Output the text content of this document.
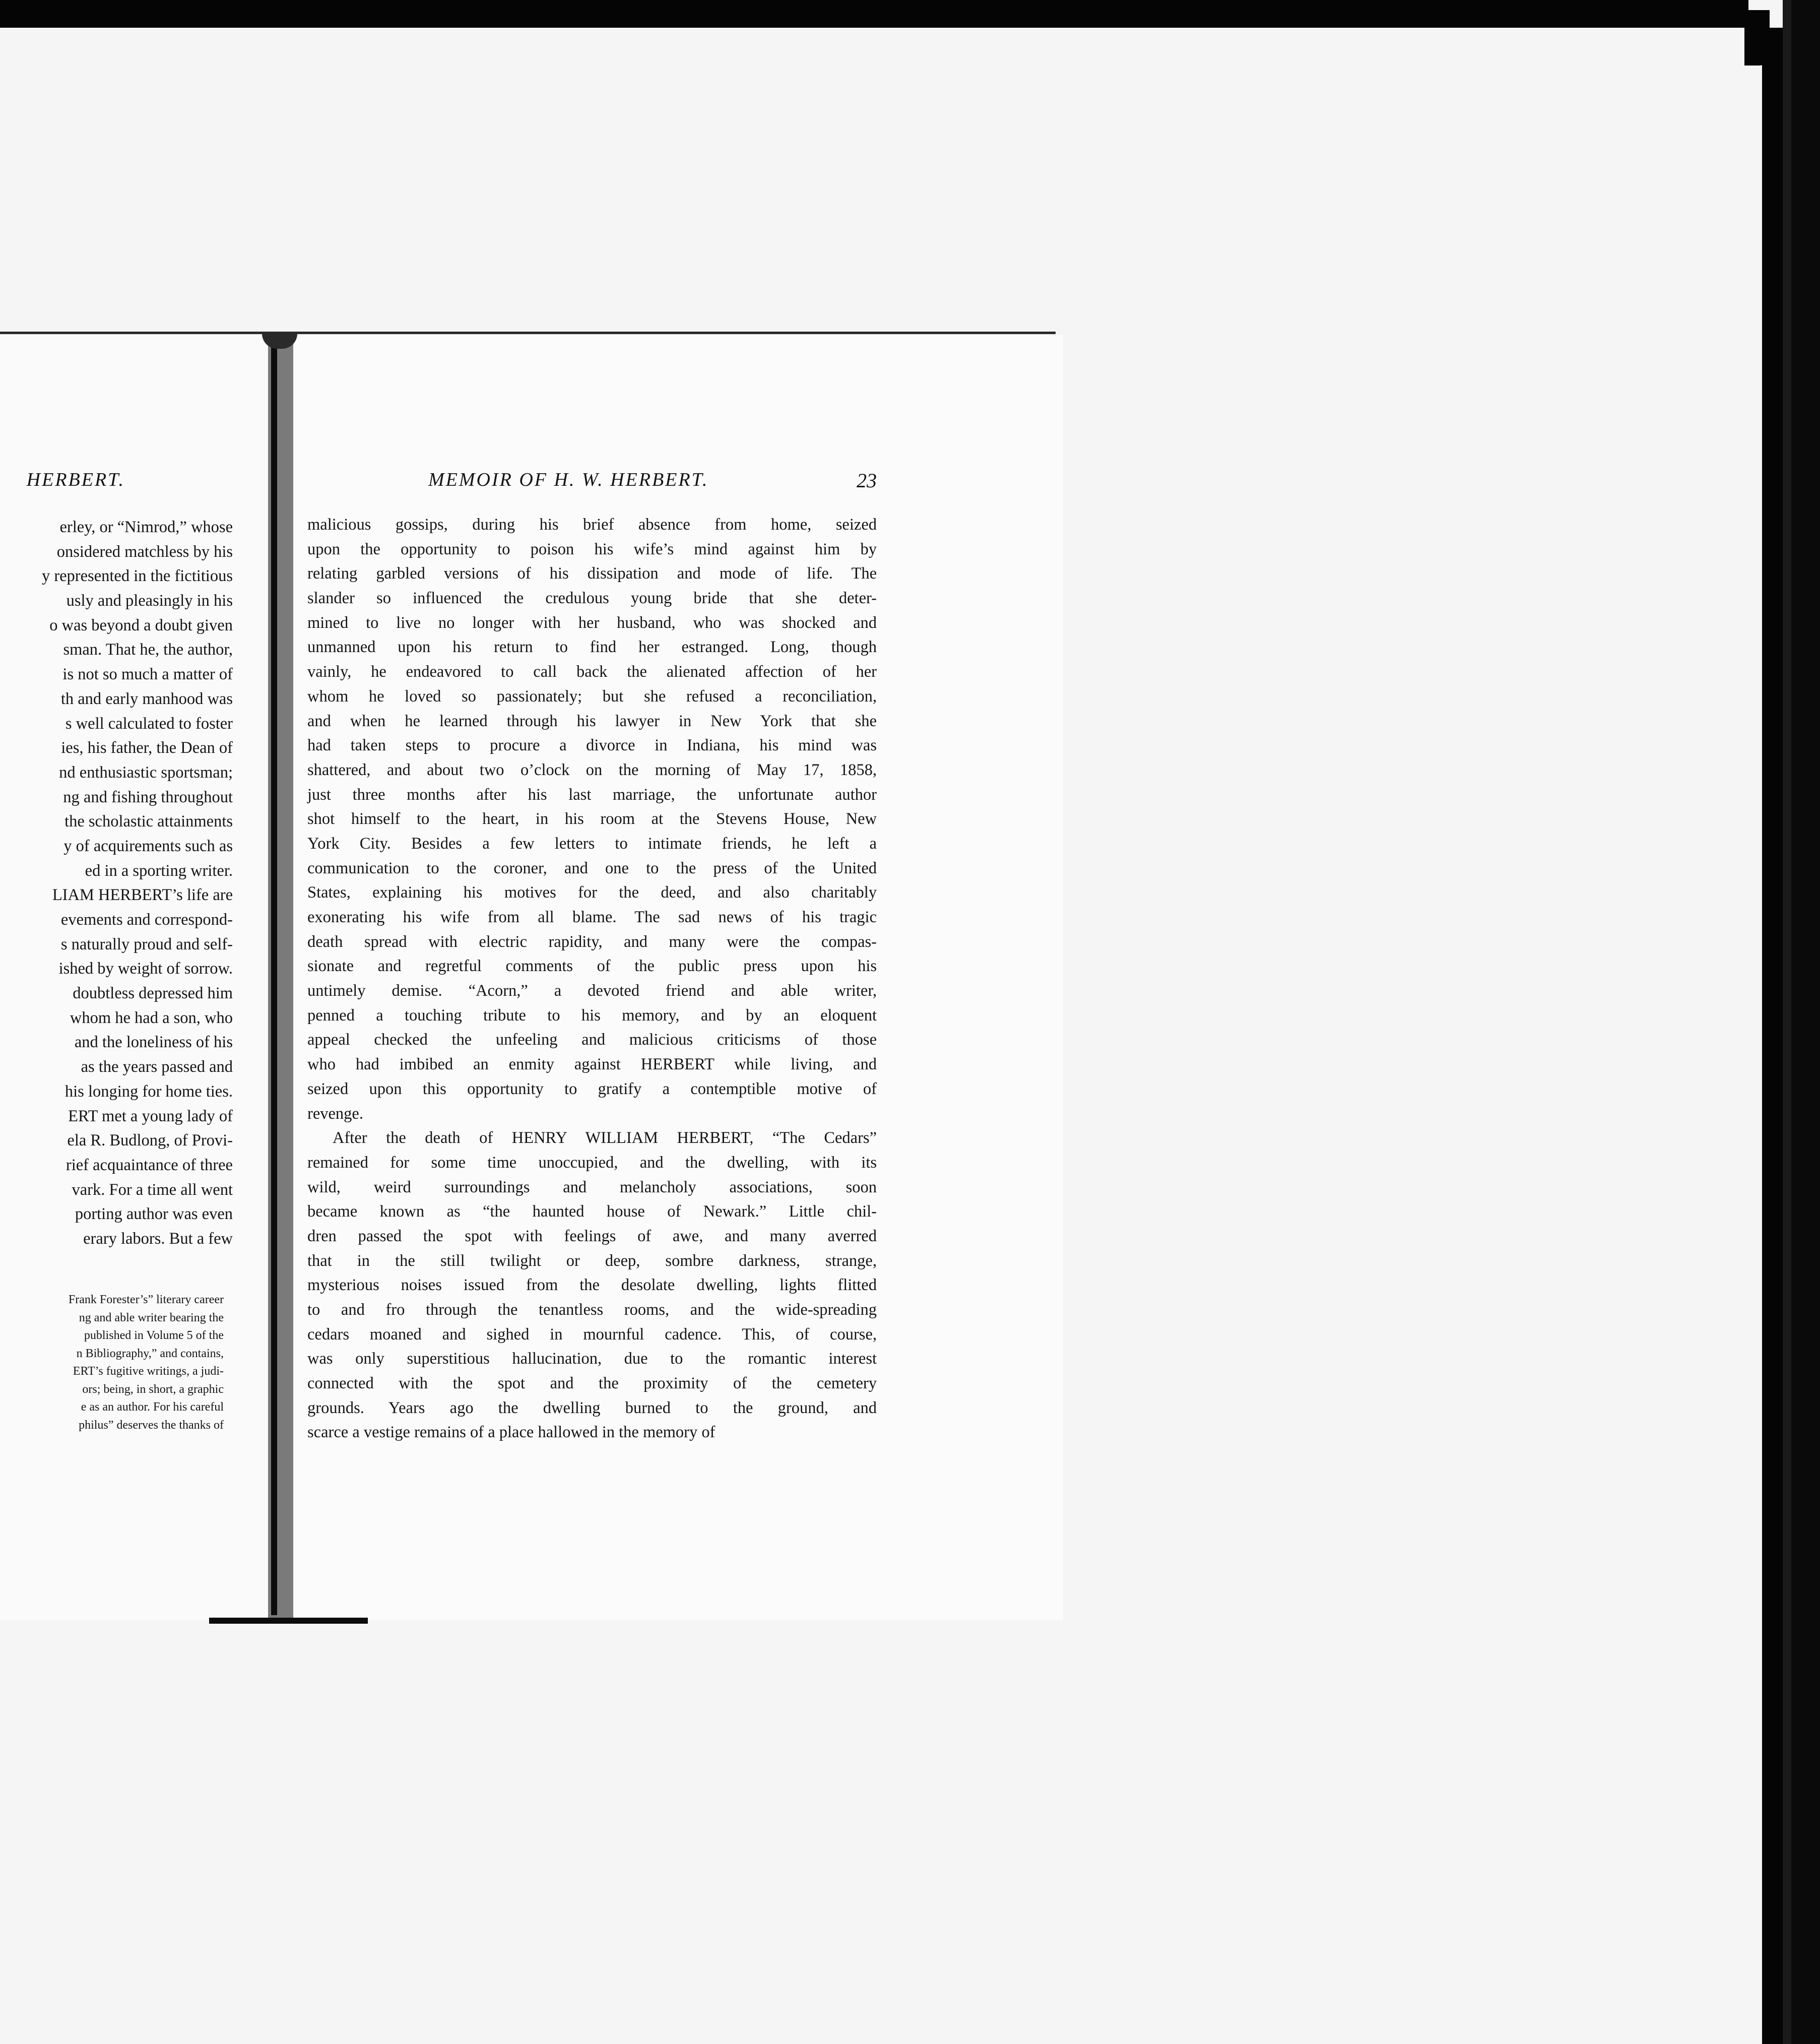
HERBERT.
erley, or “Nimrod,” whose
onsidered matchless by his
y represented in the fictitious
usly and pleasingly in his
o was beyond a doubt given
sman. That he, the author,
is not so much a matter of
th and early manhood was
s well calculated to foster
ies, his father, the Dean of
nd enthusiastic sportsman;
ng and fishing throughout
the scholastic attainments
y of acquirements such as
ed in a sporting writer.
LIAM HERBERT’s life are
evements and correspond-
s naturally proud and self-
ished by weight of sorrow.
doubtless depressed him
whom he had a son, who
and the loneliness of his
as the years passed and
his longing for home ties.
ERT met a young lady of
ela R. Budlong, of Provi-
rief acquaintance of three
vark. For a time all went
porting author was even
erary labors. But a few
Frank Forester’s” literary career
ng and able writer bearing the
published in Volume 5 of the
n Bibliography,” and contains,
ERT’s fugitive writings, a judi-
ors; being, in short, a graphic
e as an author. For his careful
philus” deserves the thanks of
MEMOIR OF H. W. HERBERT.	23
malicious gossips, during his brief absence from home, seized
upon the opportunity to poison his wife’s mind against him by
relating garbled versions of his dissipation and mode of life. The
slander so influenced the credulous young bride that she deter-
mined to live no longer with her husband, who was shocked and
unmanned upon his return to find her estranged. Long, though
vainly, he endeavored to call back the alienated affection of her
whom he loved so passionately; but she refused a reconciliation,
and when he learned through his lawyer in New York that she
had taken steps to procure a divorce in Indiana, his mind was
shattered, and about two o’clock on the morning of May 17, 1858,
just three months after his last marriage, the unfortunate author
shot himself to the heart, in his room at the Stevens House, New
York City. Besides a few letters to intimate friends, he left a
communication to the coroner, and one to the press of the United
States, explaining his motives for the deed, and also charitably
exonerating his wife from all blame. The sad news of his tragic
death spread with electric rapidity, and many were the compas-
sionate and regretful comments of the public press upon his
untimely demise. “Acorn,” a devoted friend and able writer,
penned a touching tribute to his memory, and by an eloquent
appeal checked the unfeeling and malicious criticisms of those
who had imbibed an enmity against HERBERT while living, and
seized upon this opportunity to gratify a contemptible motive of
revenge.
After the death of HENRY WILLIAM HERBERT, “The Cedars”
remained for some time unoccupied, and the dwelling, with its
wild, weird surroundings and melancholy associations, soon
became known as “the haunted house of Newark.” Little chil-
dren passed the spot with feelings of awe, and many averred
that in the still twilight or deep, sombre darkness, strange,
mysterious noises issued from the desolate dwelling, lights flitted
to and fro through the tenantless rooms, and the wide-spreading
cedars moaned and sighed in mournful cadence. This, of course,
was only superstitious hallucination, due to the romantic interest
connected with the spot and the proximity of the cemetery
grounds. Years ago the dwelling burned to the ground, and
scarce a vestige remains of a place hallowed in the memory of
